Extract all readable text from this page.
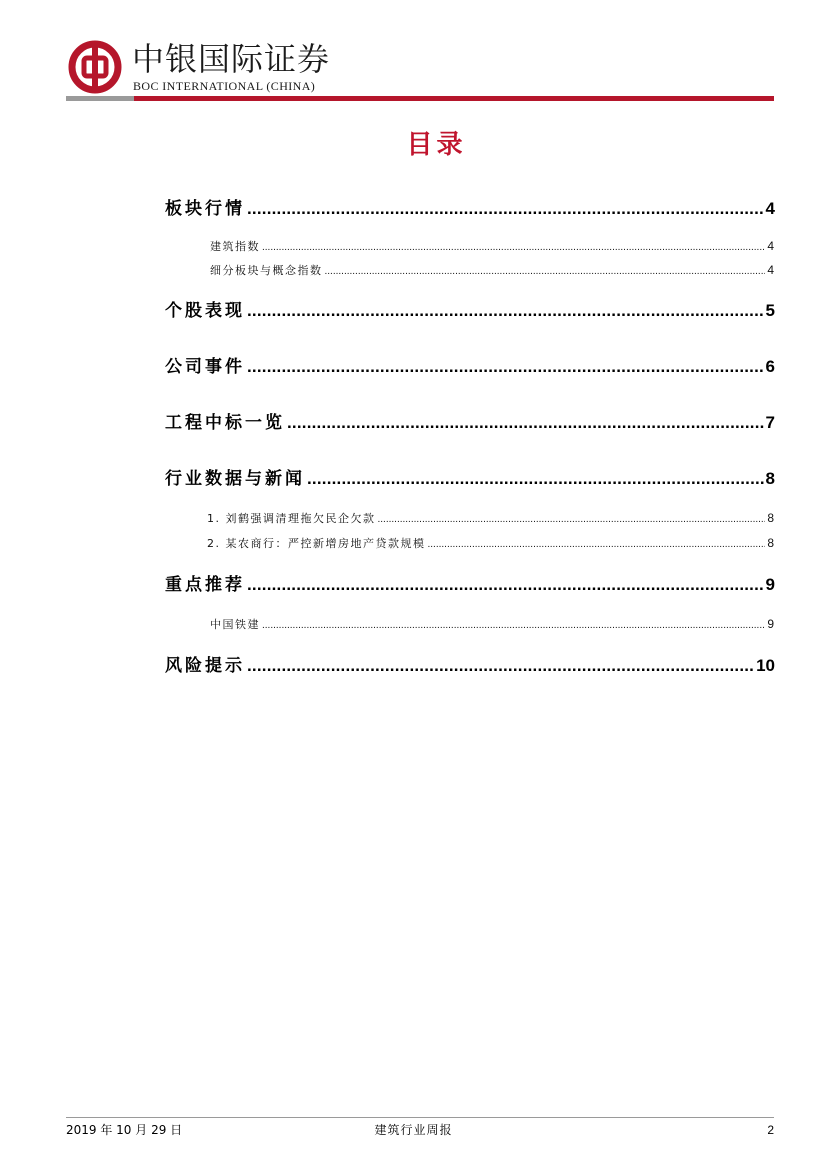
中银国际证券
BOC INTERNATIONAL (CHINA)
目录
板块行情 .....	4
建筑指数 .....	4
细分板块与概念指数 .....	4
个股表现 .....	5
公司事件 .....	6
工程中标一览 .....	7
行业数据与新闻 .....	8
1. 刘鹤强调清理拖欠民企欠款 .....	8
2. 某农商行：严控新增房地产贷款规模 .....	8
重点推荐 .....	9
中国铁建 .....	9
风险提示 .....	10
2019 年 10 月 29 日	建筑行业周报	2
